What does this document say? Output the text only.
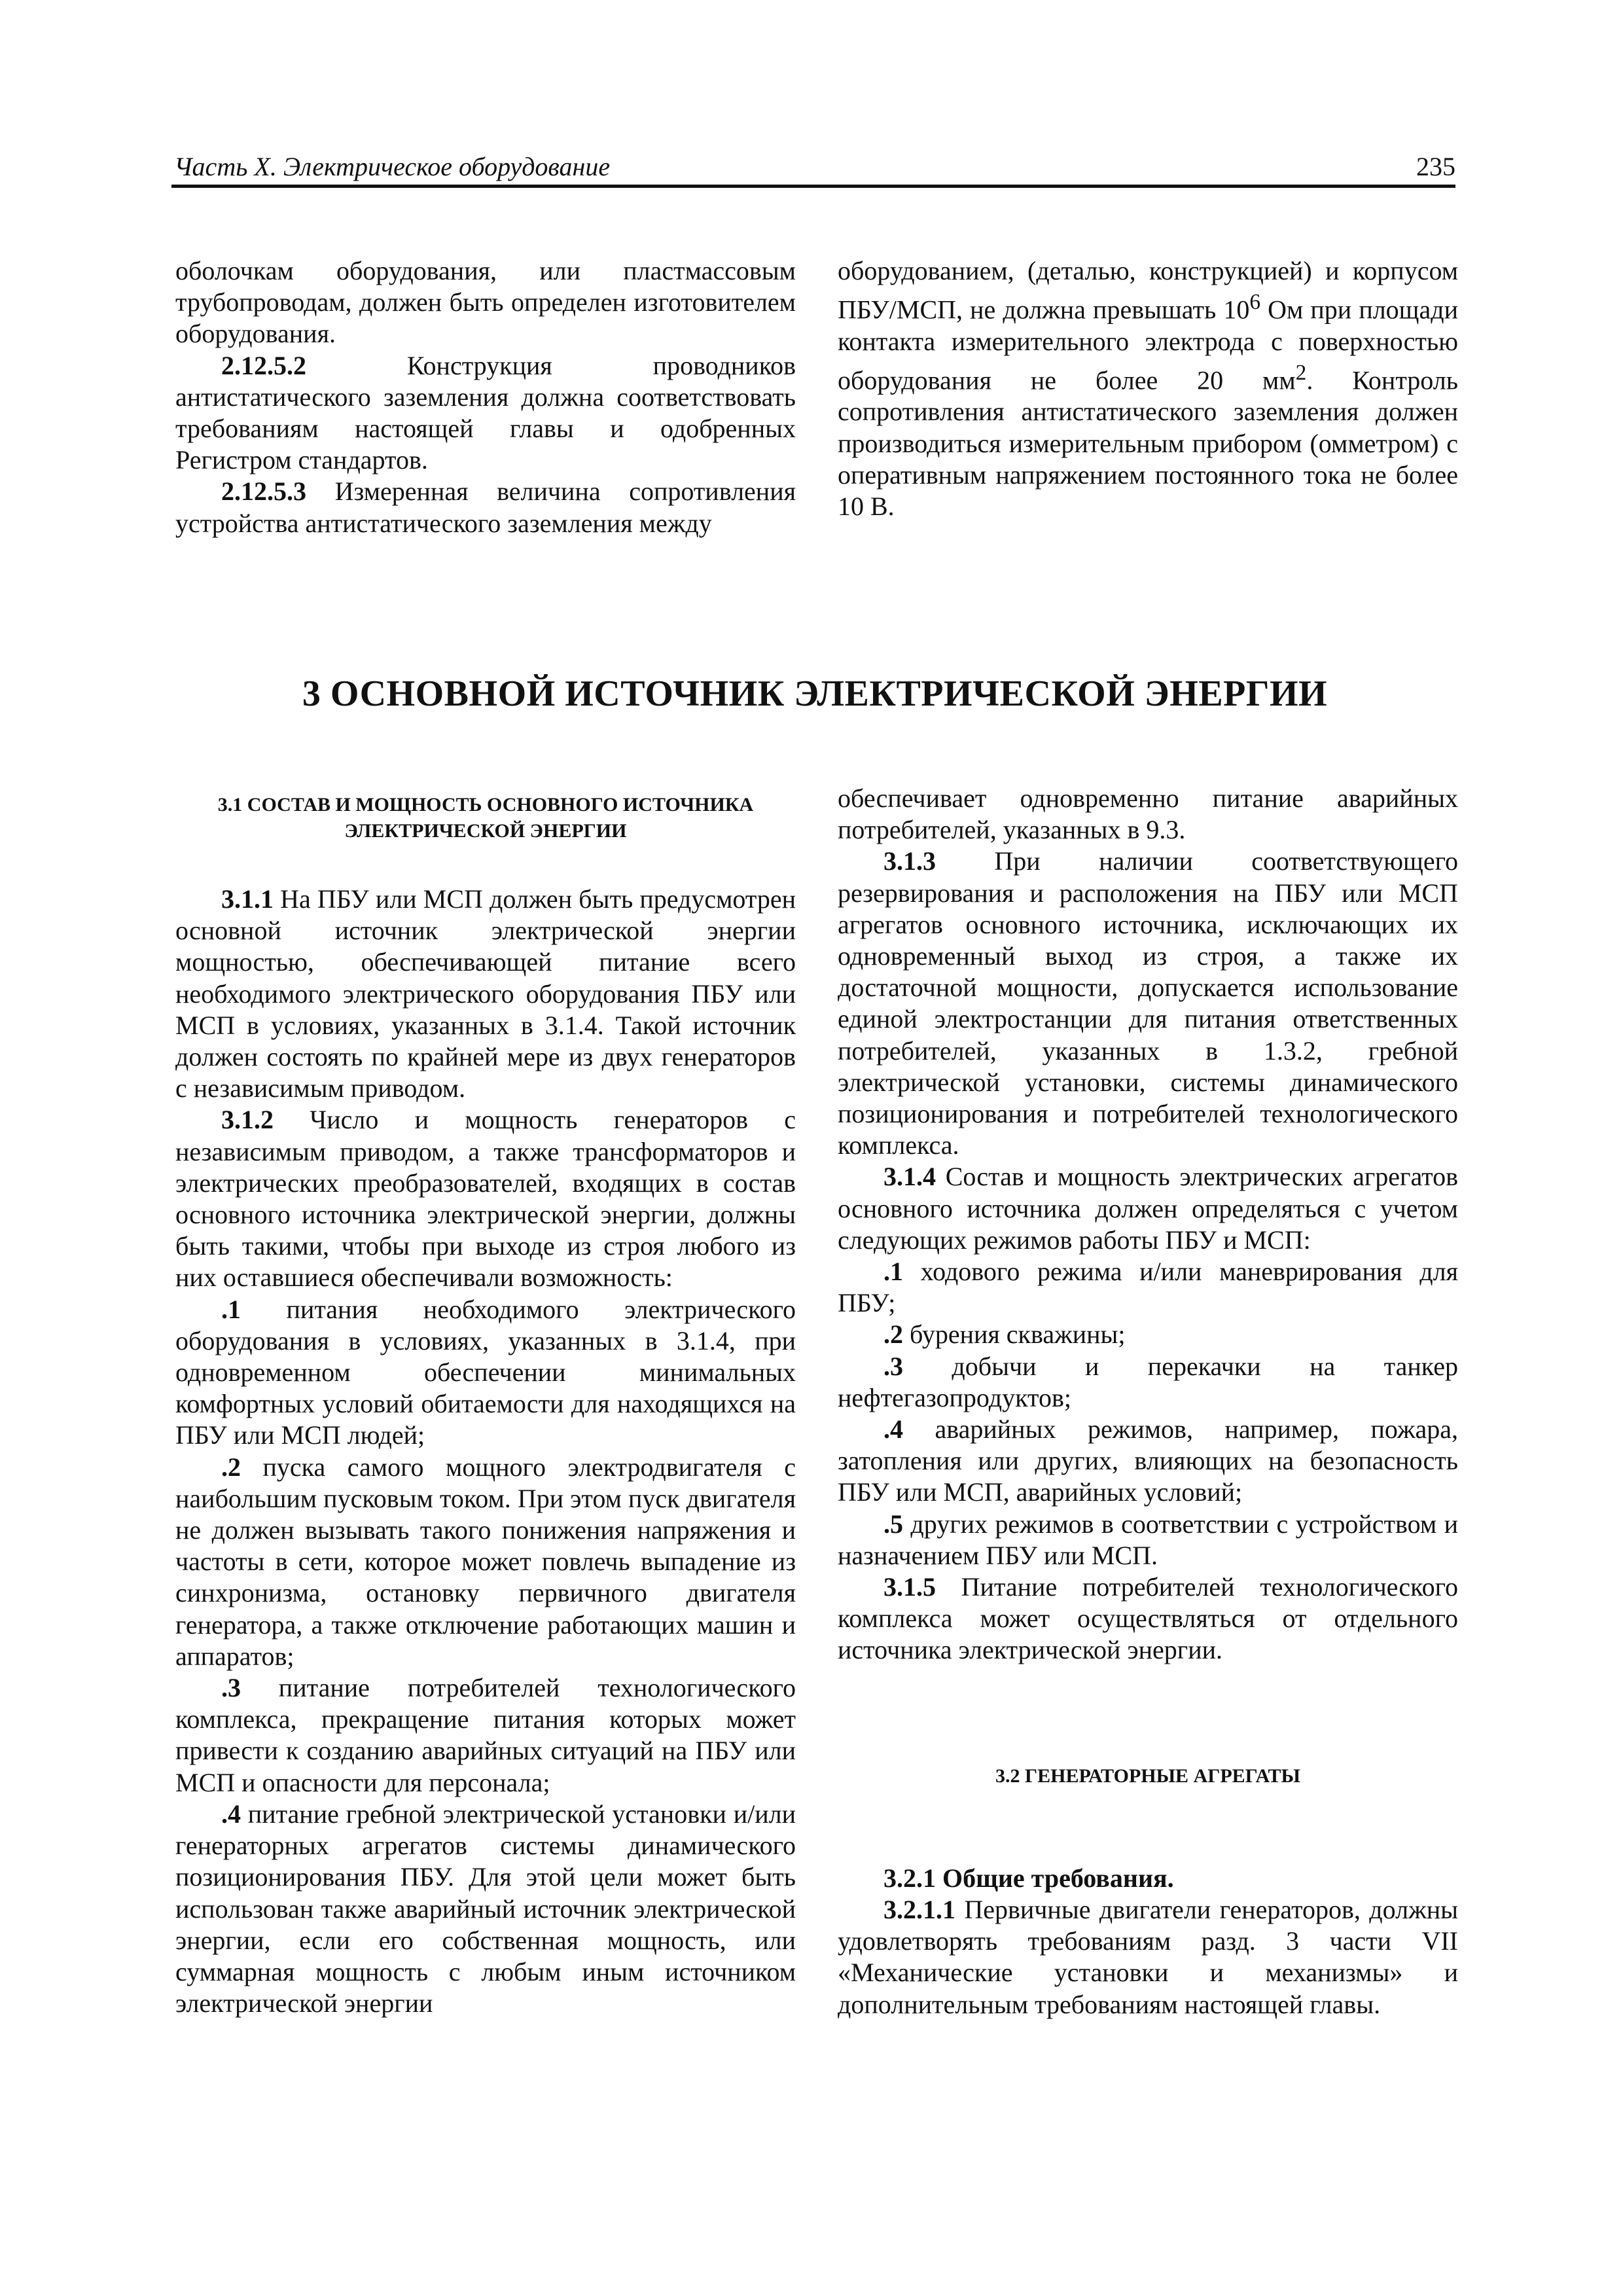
Часть X. Электрическое оборудование	235

оболочкам оборудования, или пластмассовым трубопроводам, должен быть определен изготовителем оборудования.

2.12.5.2 Конструкция проводников антистатического заземления должна соответствовать требованиям настоящей главы и одобренных Регистром стандартов.

2.12.5.3 Измеренная величина сопротивления устройства антистатического заземления между

оборудованием, (деталью, конструкцией) и корпусом ПБУ/МСП, не должна превышать $10^6$ Ом при площади контакта измерительного электрода с поверхностью оборудования не более 20 $мм^2$. Контроль сопротивления антистатического заземления должен производиться измерительным прибором (омметром) с оперативным напряжением постоянного тока не более 10 В.

3 ОСНОВНОЙ ИСТОЧНИК ЭЛЕКТРИЧЕСКОЙ ЭНЕРГИИ
3.1 СОСТАВ И МОЩНОСТЬ ОСНОВНОГО ИСТОЧНИКА ЭЛЕКТРИЧЕСКОЙ ЭНЕРГИИ

3.1.1 На ПБУ или МСП должен быть предусмотрен основной источник электрической энергии мощностью, обеспечивающей питание всего необходимого электрического оборудования ПБУ или МСП в условиях, указанных в 3.1.4. Такой источник должен состоять по крайней мере из двух генераторов с независимым приводом.

3.1.2 Число и мощность генераторов с независимым приводом, а также трансформаторов и электрических преобразователей, входящих в состав основного источника электрической энергии, должны быть такими, чтобы при выходе из строя любого из них оставшиеся обеспечивали возможность:

.1 питания необходимого электрического оборудования в условиях, указанных в 3.1.4, при одновременном обеспечении минимальных комфортных условий обитаемости для находящихся на ПБУ или МСП людей;

.2 пуска самого мощного электродвигателя с наибольшим пусковым током. При этом пуск двигателя не должен вызывать такого понижения напряжения и частоты в сети, которое может повлечь выпадение из синхронизма, остановку первичного двигателя генератора, а также отключение работающих машин и аппаратов;

.3 питание потребителей технологического комплекса, прекращение питания которых может привести к созданию аварийных ситуаций на ПБУ или МСП и опасности для персонала;

.4 питание гребной электрической установки и/или генераторных агрегатов системы динамического позиционирования ПБУ. Для этой цели может быть использован также аварийный источник электрической энергии, если его собственная мощность, или суммарная мощность с любым иным источником электрической энергии

обеспечивает одновременно питание аварийных потребителей, указанных в 9.3.

3.1.3 При наличии соответствующего резервирования и расположения на ПБУ или МСП агрегатов основного источника, исключающих их одновременный выход из строя, а также их достаточной мощности, допускается использование единой электростанции для питания ответственных потребителей, указанных в 1.3.2, гребной электрической установки, системы динамического позиционирования и потребителей технологического комплекса.

3.1.4 Состав и мощность электрических агрегатов основного источника должен определяться с учетом следующих режимов работы ПБУ и МСП:

.1 ходового режима и/или маневрирования для ПБУ;

.2 бурения скважины;

.3 добычи и перекачки на танкер нефтегазопродуктов;

.4 аварийных режимов, например, пожара, затопления или других, влияющих на безопасность ПБУ или МСП, аварийных условий;

.5 других режимов в соответствии с устройством и назначением ПБУ или МСП.

3.1.5 Питание потребителей технологического комплекса может осуществляться от отдельного источника электрической энергии.

3.2 ГЕНЕРАТОРНЫЕ АГРЕГАТЫ

3.2.1 Общие требования.

3.2.1.1 Первичные двигатели генераторов, должны удовлетворять требованиям разд. 3 части VII «Механические установки и механизмы» и дополнительным требованиям настоящей главы.
